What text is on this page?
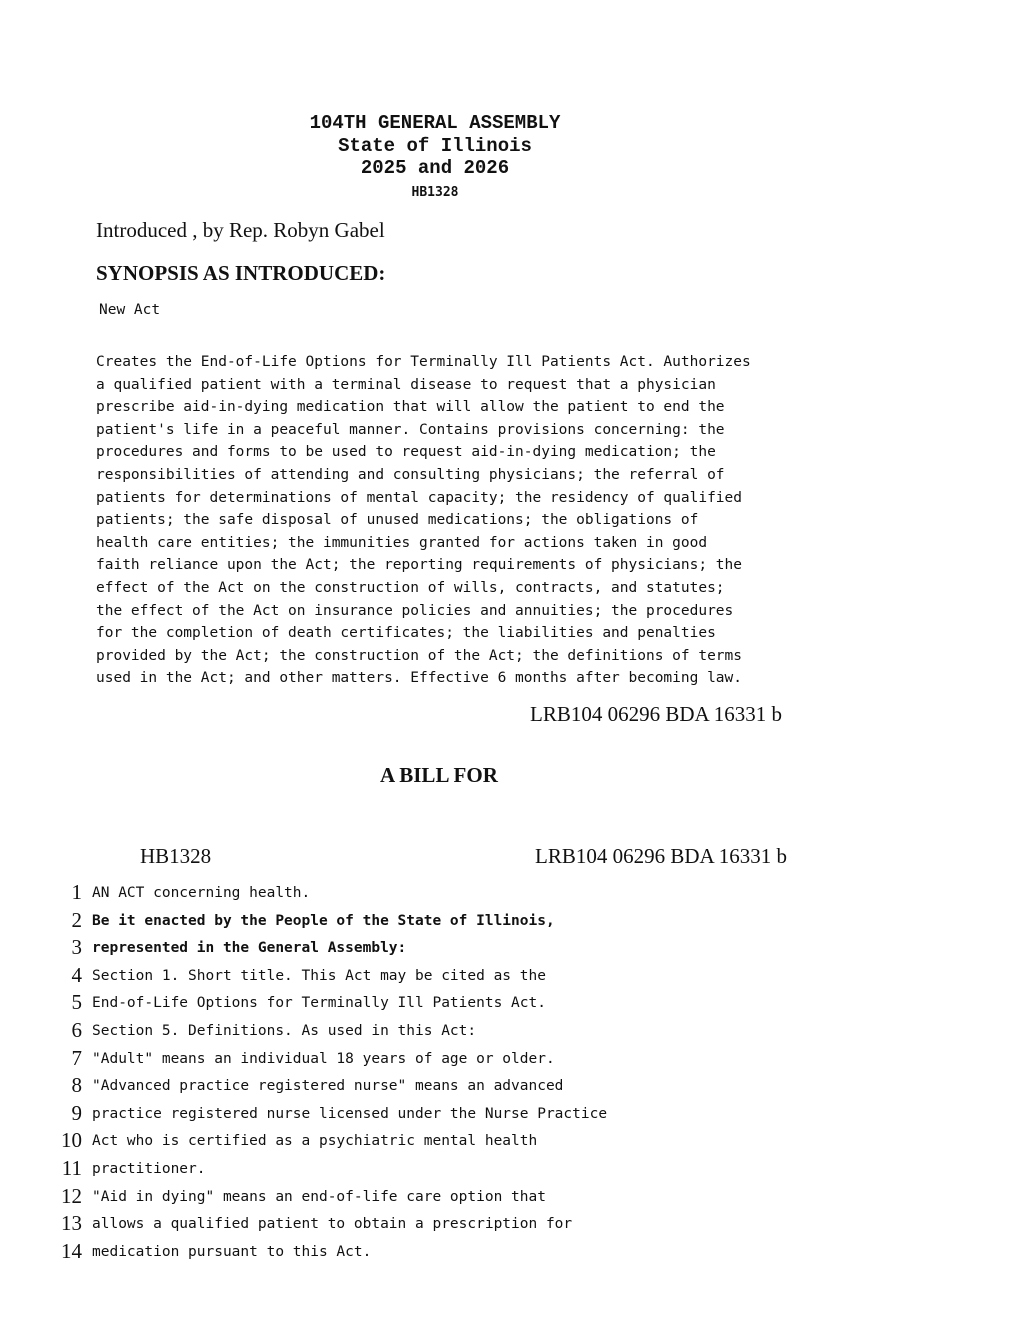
104TH GENERAL ASSEMBLY
State of Illinois
2025 and 2026
HB1328
Introduced , by Rep. Robyn Gabel
SYNOPSIS AS INTRODUCED:
New Act
Creates the End-of-Life Options for Terminally Ill Patients Act. Authorizes
a qualified patient with a terminal disease to request that a physician
prescribe aid-in-dying medication that will allow the patient to end the
patient's life in a peaceful manner. Contains provisions concerning: the
procedures and forms to be used to request aid-in-dying medication; the
responsibilities of attending and consulting physicians; the referral of
patients for determinations of mental capacity; the residency of qualified
patients; the safe disposal of unused medications; the obligations of
health care entities; the immunities granted for actions taken in good
faith reliance upon the Act; the reporting requirements of physicians; the
effect of the Act on the construction of wills, contracts, and statutes;
the effect of the Act on insurance policies and annuities; the procedures
for the completion of death certificates; the liabilities and penalties
provided by the Act; the construction of the Act; the definitions of terms
used in the Act; and other matters. Effective 6 months after becoming law.
LRB104 06296 BDA 16331 b
A BILL FOR
HB1328	LRB104 06296 BDA 16331 b
1 AN ACT concerning health.
2 Be it enacted by the People of the State of Illinois,
3 represented in the General Assembly:
4 Section 1. Short title. This Act may be cited as the
5 End-of-Life Options for Terminally Ill Patients Act.
6 Section 5. Definitions. As used in this Act:
7 "Adult" means an individual 18 years of age or older.
8 "Advanced practice registered nurse" means an advanced
9 practice registered nurse licensed under the Nurse Practice
10 Act who is certified as a psychiatric mental health
11 practitioner.
12 "Aid in dying" means an end-of-life care option that
13 allows a qualified patient to obtain a prescription for
14 medication pursuant to this Act.
